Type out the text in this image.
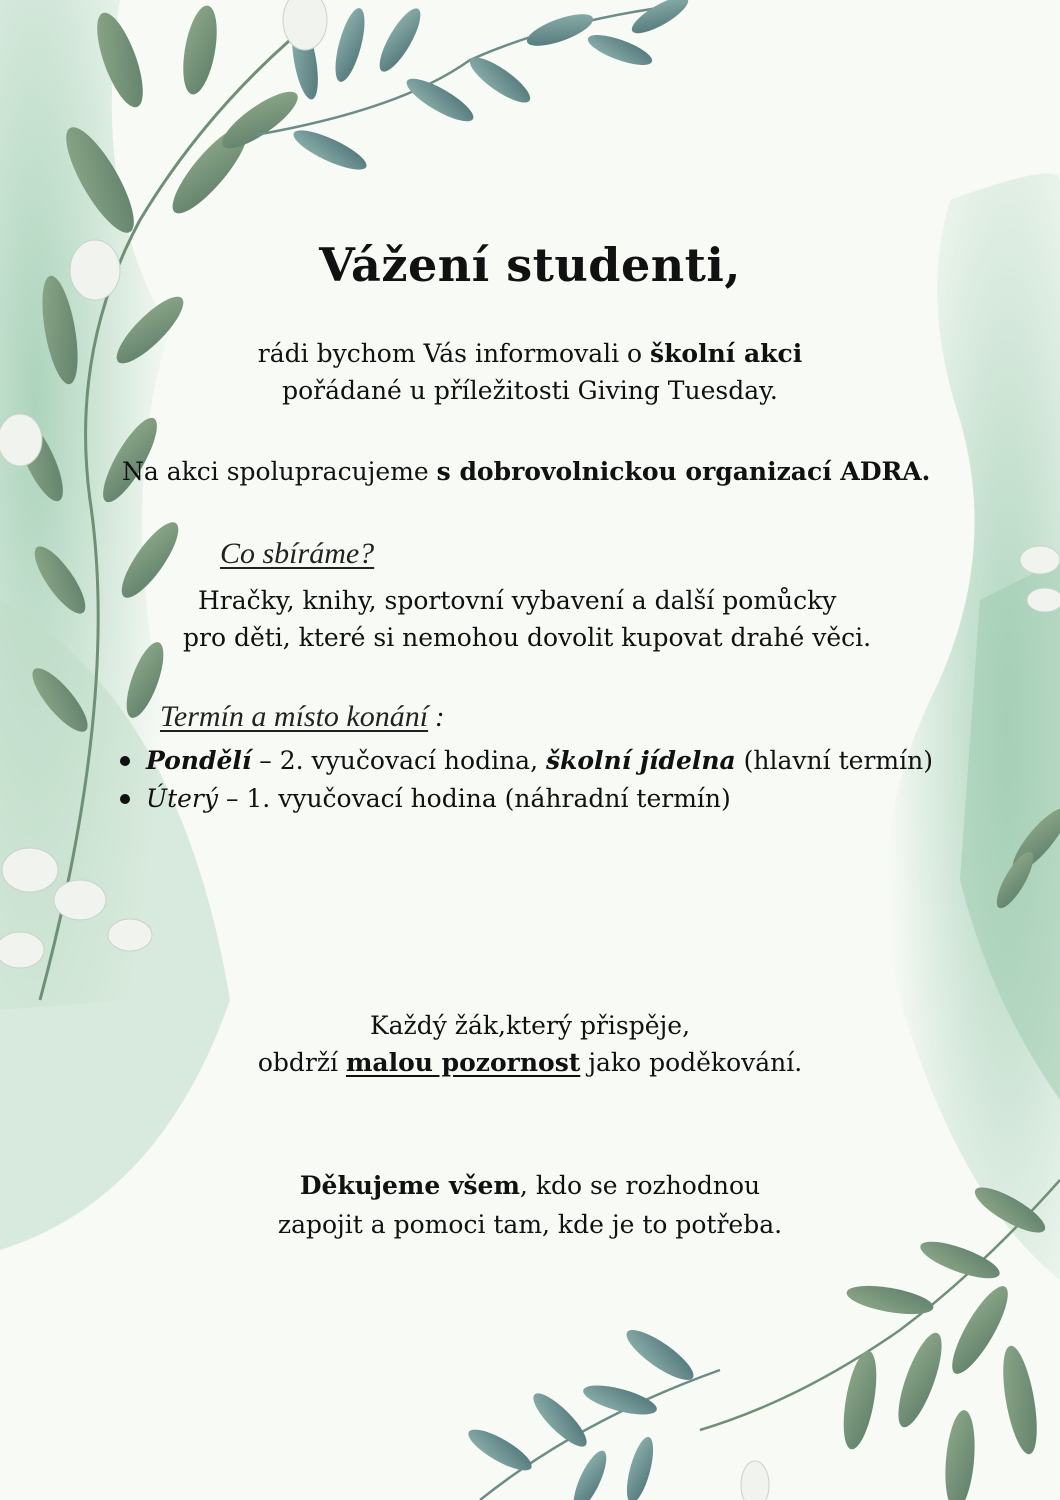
Vážení studenti,
rádi bychom Vás informovali o školní akci
pořádané u příležitosti Giving Tuesday.
Na akci spolupracujeme s dobrovolnickou organizací ADRA.
Co sbíráme?
Hračky, knihy, sportovní vybavení a další pomůcky
pro děti, které si nemohou dovolit kupovat drahé věci.
Termín a místo konání :
Pondělí – 2. vyučovací hodina, školní jídelna (hlavní termín)
Úterý – 1. vyučovací hodina (náhradní termín)
Každý žák,který přispěje,
obdrží malou pozornost jako poděkování.
Děkujeme všem, kdo se rozhodnou
zapojit a pomoci tam, kde je to potřeba.
